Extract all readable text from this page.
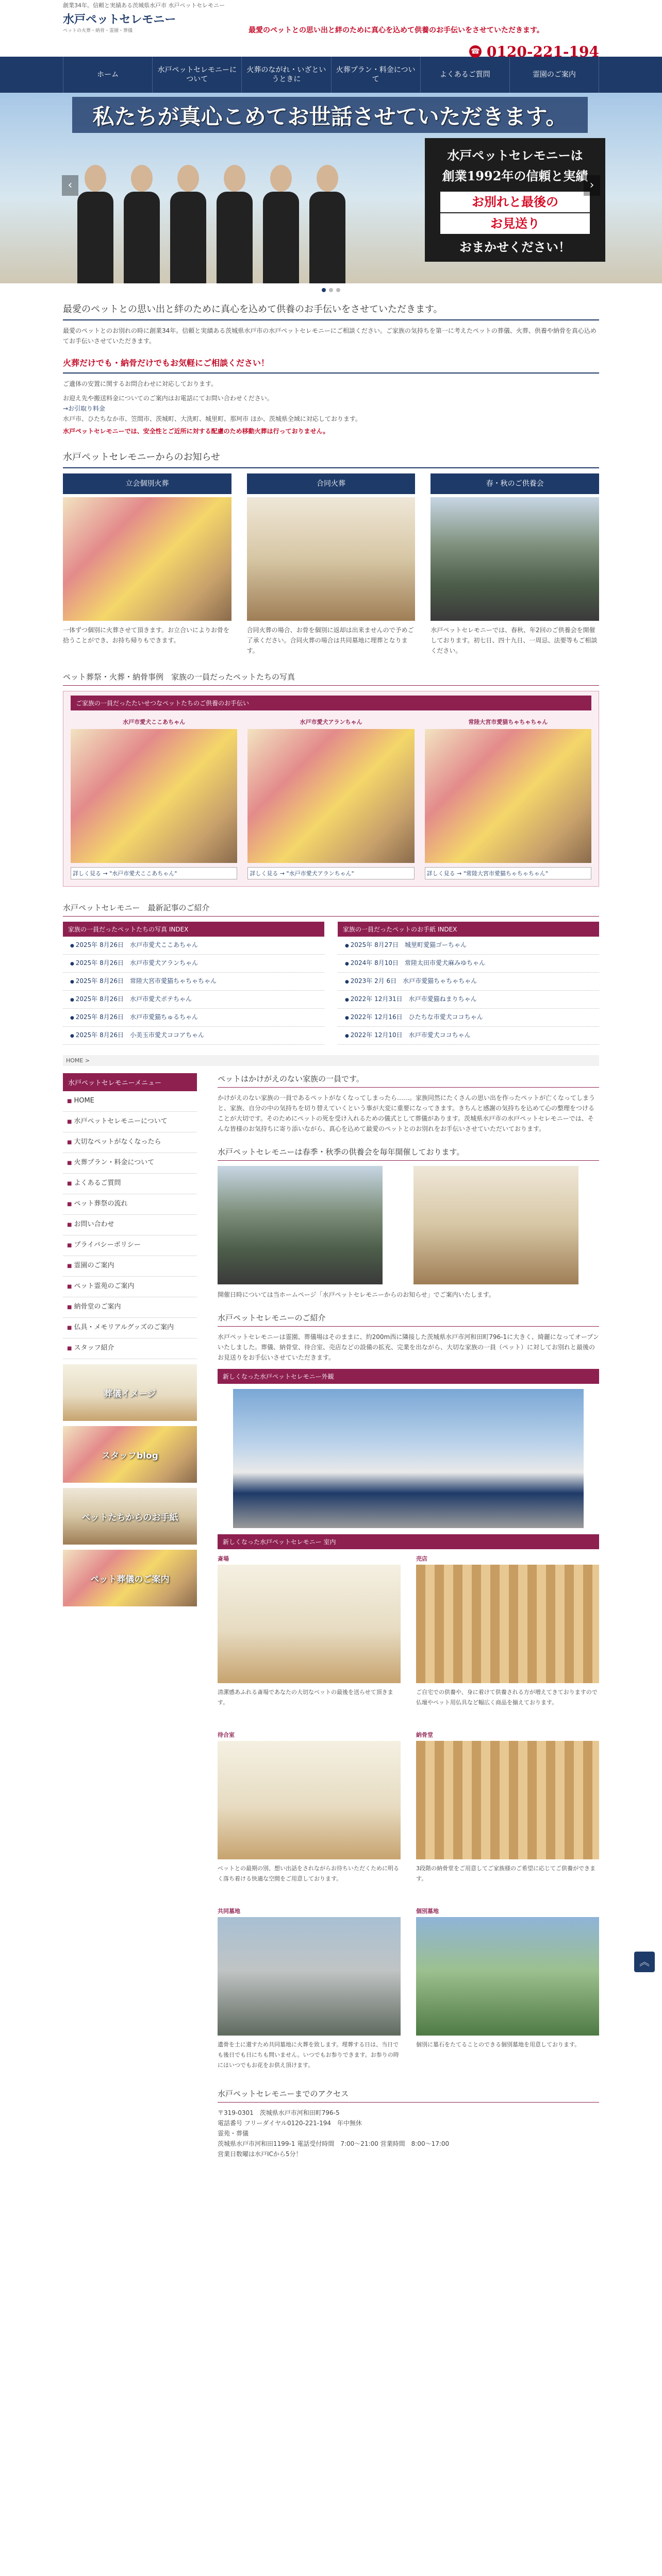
創業34年。信頼と実績ある茨城県水戸市 水戸ペットセレモニー
水戸ペットセレモニー
ペットの火葬・納骨・霊園・葬儀	最愛のペットとの思い出と絆のために真心を込めて供養のお手伝いをさせていただきます。
☎ 0120-221-194
ホーム
水戸ペットセレモニーについて
火葬のながれ・いざというときに
火葬プラン・料金について
よくあるご質問	霊園のご案内
私たちが真心こめてお世話させていただきます。
水戸ペットセレモニーは
創業1992年の信頼と実績
お別れと最後の
お見送り
おまかせください！
‹	›
最愛のペットとの思い出と絆のために真心を込めて供養のお手伝いをさせていただきます。
最愛のペットとのお別れの時に創業34年。信頼と実績ある茨城県水戸市の水戸ペットセレモニーにご相談ください。ご家族の気持ちを第一に考えたペットの葬儀、火葬、供養や納骨を真心込めてお手伝いさせていただきます。
火葬だけでも・納骨だけでもお気軽にご相談ください！
ご遺体の安置に関するお問合わせに対応しております。
お迎え先や搬送料金についてのご案内はお電話にてお問い合わせください。
→お引取り料金
水戸市、ひたちなか市、笠間市、茨城町、大洗町、城里町、那珂市 ほか、茨城県全域に対応しております。
水戸ペットセレモニーでは、安全性とご近所に対する配慮のため移動火葬は行っておりません。
水戸ペットセレモニーからのお知らせ
立会個別火葬
一体ずつ個別に火葬させて頂きます。お立合いによりお骨を拾うことができ、お持ち帰りもできます。
合同火葬
合同火葬の場合、お骨を個別に返却は出来ませんので予めご了承ください。合同火葬の場合は共同墓地に埋葬となります。
春・秋のご供養会
水戸ペットセレモニーでは、春秋、年2回のご供養会を開催しております。初七日、四十九日、一周忌、法要等もご相談ください。
ペット葬祭・火葬・納骨事例　家族の一員だったペットたちの写真
ご家族の一員だったたいせつなペットたちのご供養のお手伝い
水戸市愛犬ここあちゃん
詳しく見る → "水戸市愛犬ここあちゃん"
水戸市愛犬アランちゃん
詳しく見る → "水戸市愛犬アランちゃん"
常陸大宮市愛猫ちゃちゃちゃん
詳しく見る → "常陸大宮市愛猫ちゃちゃちゃん"
水戸ペットセレモニー　最新記事のご紹介
家族の一員だったペットたちの写真 INDEX
● 2025年 8月26日　水戸市愛犬ここあちゃん
● 2025年 8月26日　水戸市愛犬アランちゃん
● 2025年 8月26日　常陸大宮市愛猫ちゃちゃちゃん
● 2025年 8月26日　水戸市愛犬ポテちゃん
● 2025年 8月26日　水戸市愛猫ちゅるちゃん
● 2025年 8月26日　小美玉市愛犬ココアちゃん
家族の一員だったペットのお手紙 INDEX
● 2025年 8月27日　城里町愛猫ゴーちゃん
● 2024年 8月10日　常陸太田市愛犬麻みゆちゃん
● 2023年 2月 6日　水戸市愛猫ちゃちゃちゃん
● 2022年 12月31日　水戸市愛猫ねまりちゃん
● 2022年 12月16日　ひたちな市愛犬ココちゃん
● 2022年 12月10日　水戸市愛犬ココちゃん
HOME >
水戸ペットセレモニーメニュー
■ HOME
■ 水戸ペットセレモニーについて
■ 大切なペットがなくなったら
■ 火葬プラン・料金について
■ よくあるご質問
■ ペット葬祭の流れ
■ お問い合わせ
■ プライバシーポリシー
■ 霊園のご案内
■ ペット霊苑のご案内
■ 納骨堂のご案内
■ 仏具・メモリアルグッズのご案内
■ スタッフ紹介
葬儀イメージ
スタッフblog
ペットたちからのお手紙
ペット葬儀のご案内
ペットはかけがえのない家族の一員です。
かけがえのない家族の一員であるペットがなくなってしまったら……。家族同然にたくさんの思い出を作ったペットが亡くなってしまうと、家族、自分の中の気持ちを切り替えていくという事が大変に重要になってきます。きちんと感謝の気持ちを込めて心の整理をつけることが大切です。そのためにペットの死を受け入れるための儀式として葬儀があります。茨城県水戸市の水戸ペットセレモニーでは、そんな皆様のお気持ちに寄り添いながら、真心を込めて最愛のペットとのお別れをお手伝いさせていただいております。
水戸ペットセレモニーは春季・秋季の供養会を毎年開催しております。
開催日時については当ホームページ「水戸ペットセレモニーからのお知らせ」でご案内いたします。
水戸ペットセレモニーのご紹介
水戸ペットセレモニーは霊園、葬儀場はそのままに、約200m西に隣接した茨城県水戸市河和田町796-1に大きく、綺麗になってオープンいたしました。葬儀、納骨堂、待合室、売店などの設備の拡充、完業を出ながら、大切な家族の一員（ペット）に対してお別れと最後のお見送りをお手伝いさせていただきます。
新しくなった水戸ペットセレモニー外観
新しくなった水戸ペットセレモニー 室内
斎場
清潔感あふれる斎場であなたの大切なペットの最後を送らせて頂きます。
売店
ご自宅での供養や、身に着けて供養される方が増えてきておりますので仏壇やペット用仏具など幅広く商品を揃えております。
待合室
ペットとの最期の別、想い出話をされながらお待ちいただくために明るく落ち着ける快適な空間をご用意しております。
納骨堂
3段階の納骨堂をご用意してご家族様のご希望に応じてご供養ができます。
共同墓地
遺骨を土に還すため共同墓地に火葬を致します。埋葬する日は、当日でも後日でも日にちも問いません。いつでもお参りできます。お参りの時にはいつでもお花をお供え頂けます。
個別墓地
個別に墓石をたてることのできる個別墓地を用意しております。
水戸ペットセレモニーまでのアクセス
〒319-0301　茨城県水戸市河和田町796-5
電話番号 フリーダイヤル0120-221-194　年中無休
霊苑・葬儀
茨城県水戸市河和田1199-1 電話受付時間　7:00～21:00 営業時間　8:00～17:00
営業日数曜は水戸ICから5分！
︽
